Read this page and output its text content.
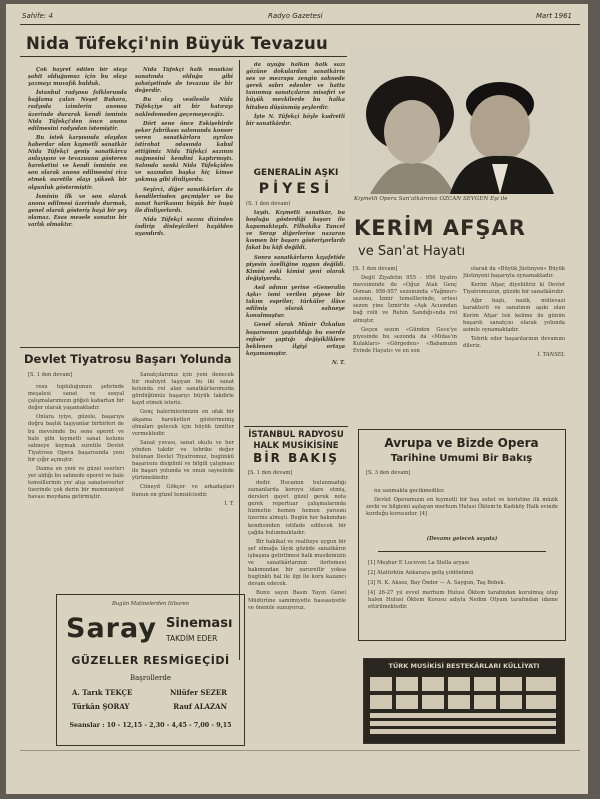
Sahife: 4	Radyo Gazetesi	Mart 1961
Nida Tüfekçi'nin Büyük Tevazuu

Çok hayret edilen bir olayı şahit olduğumuz için bu olayı yazmayı muvafık bulduk.

İstanbul radyosu folklorunda bağlama çalan Neşet Buhara, radyoda izimlerin anonsu üzerinde durarak kendi isminin Nida Tüfekçi'den önce anons edilmesini radyodan istemiştir.

Bu istek karşısında olaydan haberdar olan kıymetli sanatkâr Nida Tüfekçi geniş sanatkârca anlayışını ve tevazuunu gösteren hareketini ve kendi isminin en son olarak anons edilmesini rica etmek suretile olayı yüksek bir olgunluk göstermiştir.

İsminin ilk ve son olarak anons edilmesi üzerinde durmak, genel olarak gösteriş bayâ bir şey olamaz. Esas mesele sanatın bir varlık olmaktır.

Nida Tüfekçi halk musikisi sanatında olduğu gibi şahsiyetinde de tevazuu ile bir değerdir.

Bu olay vesilesile Nida Tüfekçiye ait bir hatırayı nakledemeden geçemeyeceğiz.

Dört sene önce Eskişehirde şeker fabrikası salonunda konser veren sanatkârlara ayrılan istirahat odasında kabul ettiğimiz Nida Tüfekçi sazının nağmesini kendini kaptırmıştı. Salonda sanki Nida Tüfekçiden ve sazından başka hiç kimse yokmuş gibi dinliyordu.

Seyirci, diğer sanatkârları da kendilerinden geçmişler ve bu sanat harikasını büyük bir huşû ile dinliyorlardı.

Nida Tüfekçi sazını dizinden indirip dinleyicileri hayâlden uyandırdı.

da uyuğu halkın halk sazı gözüne dokulardan sanatkârın ses ve mezrapa zengin sahnede gerek sabrı edenler ve hatta tanınmış sanatçıların misafiri ve büyük mevkilerde bu halka hitaben düşünmüş şeylerdir.

İşte N. Tüfekçi böyle kudretli bir sanatkârdır.

GENERALİN AŞKI
PİYESİ
(S. 1 den devam)

taydı. Kıymetli sanatkâr, bu boşluğu gösterdiği başarı ile kapamaktaydı. Filhakika Tuncel ve Serap diğerlerine nazaran kısmen bir başarı gösteriyorlardı fakat bu kâfi değildi.

Sonra sanatkârların kıyafetide piyesin özelliğine uygun değildi. Kimisi eski kimisi yeni olarak değişiyordu.

Asıl adının yerine «Generalin Aşkı» ismi verilen piyese bir takım espriler, türküler ilâve edilmiş olarak sahneye konulmuştur.

Genel olarak Münir Özkulun başarısının yaşatıldığı bu eserde rejisör yaptığı değişikliklere beklenen ilgiyi ortaya koyamamıştır.

N. T.
Kıymetli Opera San'atkârımız ÖZCAN SEVGEN Eşi ile
KERİM AFŞAR
ve San'at Hayatı
[S. 1 den devam]

Değil Ziyafetin 955 - 956 tiyatro mevsiminde de «Oğuz Atak Genç Osman. 956-957 sezonunda «Yağmur» sezonu, İzmir temsillerinde, ertesi sezon yine İzmir'de «Aşk Acısından bağ rolü ve Rehin Sandığı»nda rol almıştır.

Geçen sezon «Günden Gece'ye piyesinde bu sezonda da «Midas'ın Kulakları» «Görgeden» «Babamızın Evinde Hayatı» ve en son

olarak da «Büyük Jüstinyen» Büyük Jüstinyeni başarıyla oynamaktadır.

Kerim Afşar, diyebiliriz ki Devlet Tiyatromuzun, güzide bir sanatkârıdır.

Ağır başlı, nazik, mütevazi karakterli ve sanatının aşıkı olan Kerim Afşar tek kelime ile günün başarılı sanatçısı olarak yolunda asimle oynamaktadır.

Tebrik eder başarılarının devamını dileriz.

İ. TANSEL
Devlet Tiyatrosu Başarı Yolunda
[S. 1 den devam]

rosu topluluğunun şehrinde meşalesi sanat ve sosyal çalışmalarımızın göğsü kabartan bir değer olarak yaşamaktadır.

Onlara iyiye, güzele, başarıya doğru başlık taşıyanlar birbirleri de bu mevsimde bu sene operet ve bale gibi kıymetli sanat kolunu sahneye koymak suretile Devlet Tiyatrosu Opera başarısında yeni bir çığır açmıştır.

Daima en yeni ve güzel eserleri yer aldığı bu sahnede operet ve bale temsillerinin yer alışı sanatseverler üzerinde çok derin bir memnuniyet havası meydana getirmiştir.

Sanatçılarımız için yeni denecek bir mahiyet taşıyan bu iki sanat kolunda rol alan sanatkârlarımızda gördüğümüz başarıyı büyük takdirle kayd etmek isteriz.

Genç balerinlerimizin en ufak bir akşama hareketleri göstermemiş olmaları gelecek için büyük ümitler vermektedir.

Sanat yuvası, sanat okulu ve her yönden takdir ve tebrike değer bulunan Devlet Tiyatromuz, bugünkü başarısını disiplinli ve bilgili çalışması ile başarı yolunda ve onun sayesinde yürümektedir.

Cüneyd Gökçer ve arkadaşları bunun en güzel temsilcisidir.

İ. T.
İSTANBUL RADYOSU
HALK MUSİKİSİNE
BİR BAKIŞ
[S. 1 den devam]

dedir. Hocamın bulunmadığı zamanlarda koroyu idare etmiş, dersleri gayet güzel gerek nota gerek repertuar çalışmalarında hizmetin hemen hemen yarısını üzerine almıştı. Bugün her bakımdan kendisinden istifade edilecek bir çağda bulunmaktadır.

Bir hakikat ve realiteye uygun bir şef olmağa lâyık gözüde sanatkârın işbaşına getirilmesi halk musikimizin ve sanatkârlarının ilerlemesi bakımından bir zaruretlir yoksa bugünkü hal ile ilgi ile koru kazancı devam edecek.

Bunu sayın Basın Yayın Genel Müdürüne samimiyetle hassasiyetle ve önemle sunuyoruz.

Avrupa ve Bizde Opera
Tarihine Umumi Bir Bakış
[S. 3 den devam]

nu sanmakta gecikmediler.

Devlet Operamızın en kıymetli bir baş solist ve koristine ilk müzik zevki ve bilgisini aşılayan merhum Hulusi Öktem'in Kadıköy Halk evinde kurduğu korosudur. [4]

(Devamı gelecek sayıda)
[1] Meşhur E Luceven La Stella aryası
[2] Atatürkün Ankaraya geliş yıldönümü
[3] N. K. Aksez, Bay Önder — A. Saygun, Taş Bebek.
[4] 26-27 yıl evvel merhum Hulusi Öktem tarafından kurulmuş olup halen Hulusi Öktem Korosu adıyla Nedim Otyam tarafından idame ettirilmektedir.
Bugün Matinelerden İtibaren
Saray Sineması
TAKDİM EDER
GÜZELLER RESMİGEÇİDİ
Başrollerde
A. Tarık TEKÇE	Nilüfer SEZER
Türkân ŞORAY	Rauf ALAZAN
Seanslar : 10 - 12,15 - 2,30 - 4,45 - 7,00 - 9,15
TÜRK MUSİKİSİ BESTEKÂRLARI KÜLLİYATI
